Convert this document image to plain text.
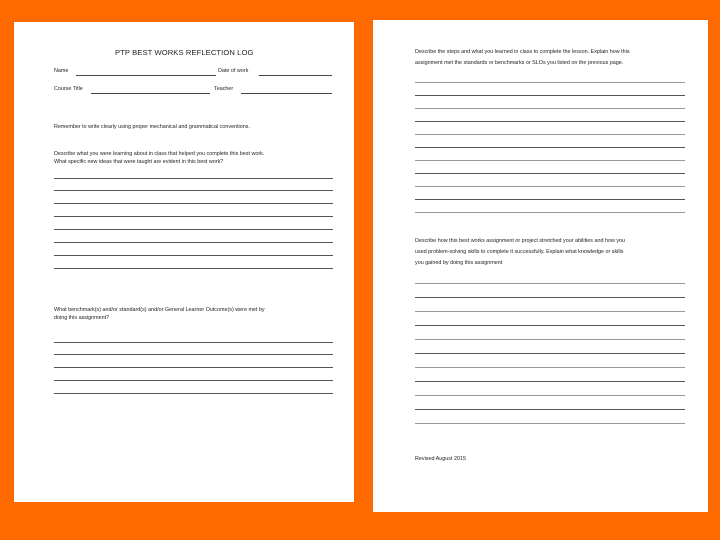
PTP BEST WORKS REFLECTION LOG
Name	Date of work
Course Title	Teacher
Remember to write clearly using proper mechanical and grammatical conventions.
Describe what you were learning about in class that helped you complete this best work.
What specific new ideas that were taught are evident in this best work?
What benchmark(s) and/or standard(s) and/or General Learner Outcome(s) were met by
doing this assignment?
Describe the steps and what you learned in class to complete the lesson. Explain how this
assignment met the standards or benchmarks or SLOs you listed on the previous page.
Describe how this best works assignment or project stretched your abilities and how you
used problem-solving skills to complete it successfully. Explain what knowledge or skills
you gained by doing this assignment
Revised August 2015
